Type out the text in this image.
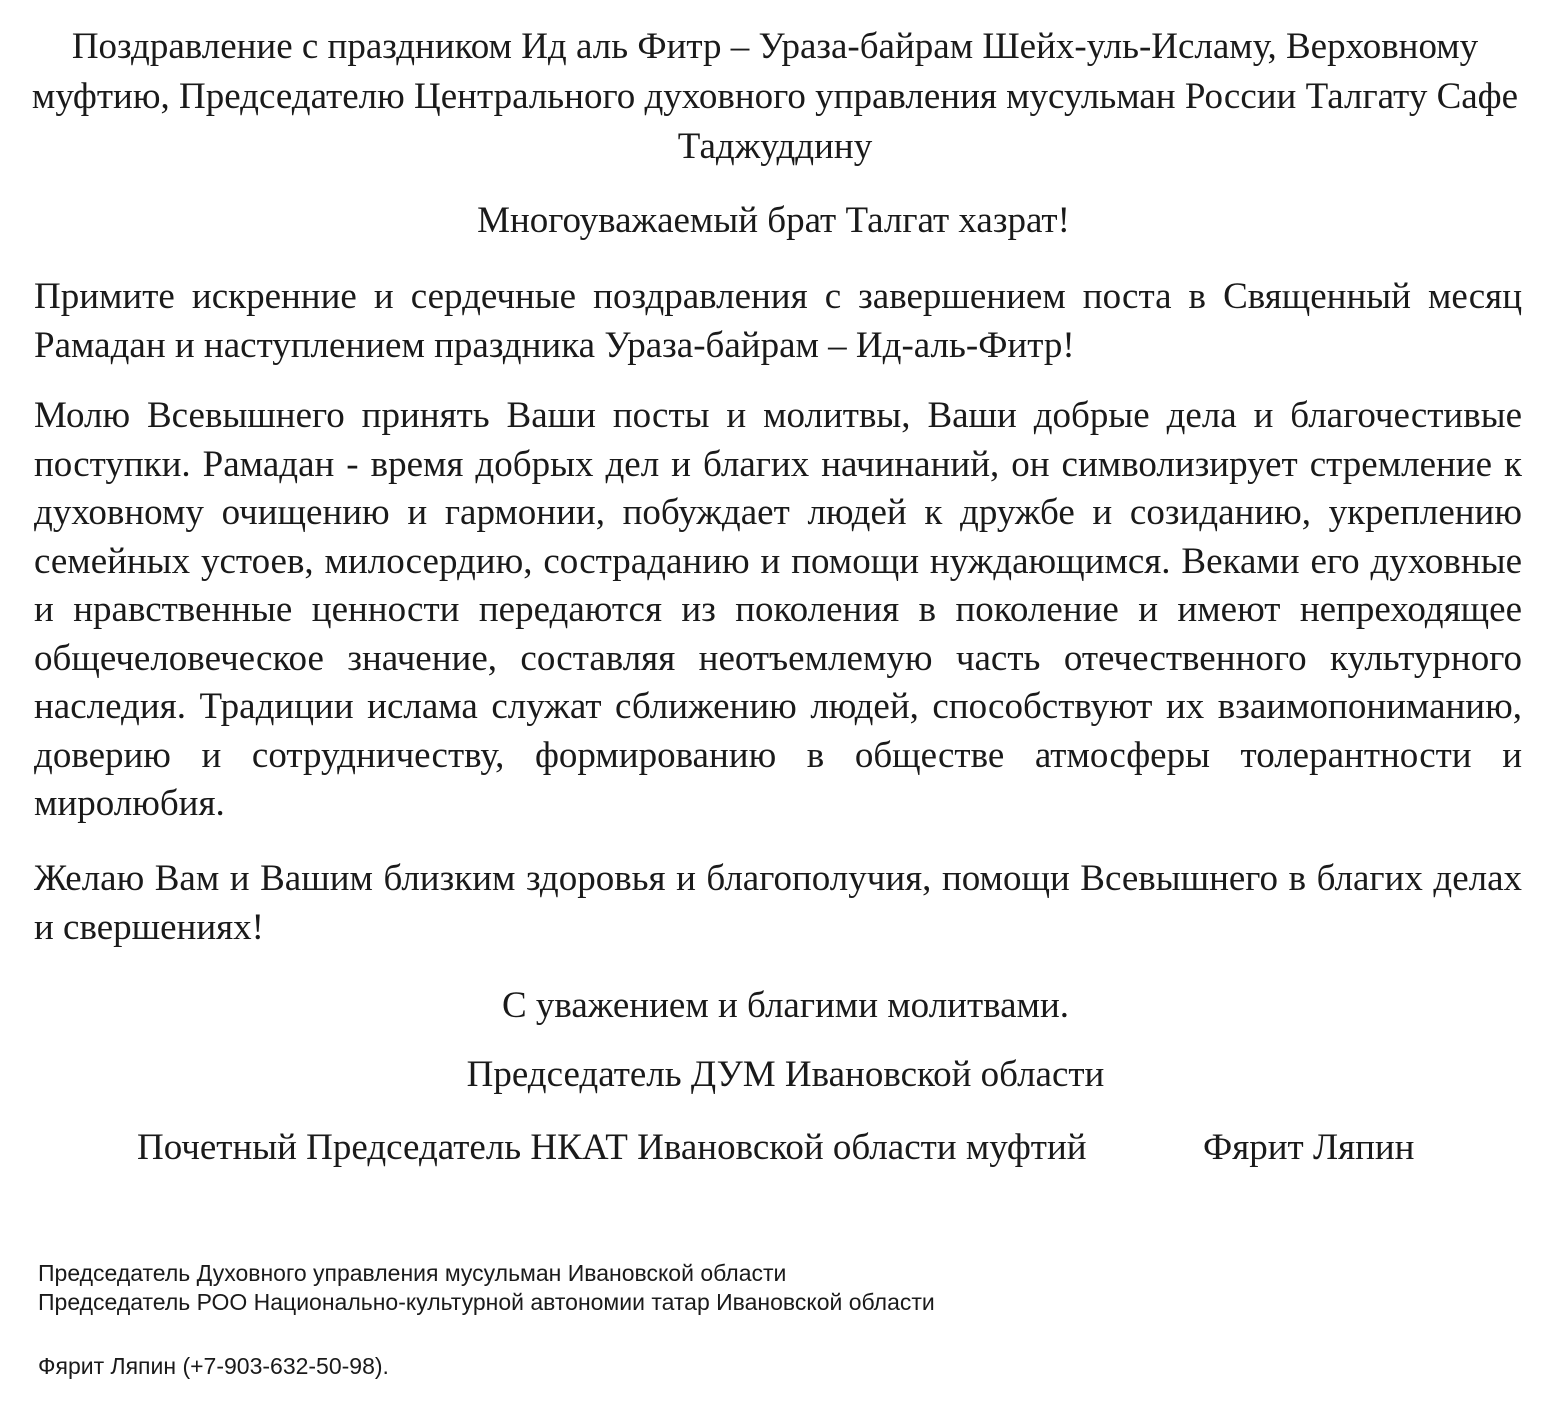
Поздравление с праздником Ид аль Фитр – Ураза-байрам Шейх-уль-Исламу, Верховному муфтию, Председателю Центрального духовного управления мусульман России Талгату Сафе Таджуддину
Многоуважаемый брат Талгат хазрат!

Примите искренние и сердечные поздравления с завершением поста в Священный месяц Рамадан и наступлением праздника Ураза-байрам – Ид-аль-Фитр!

Молю Всевышнего принять Ваши посты и молитвы, Ваши добрые дела и благочестивые поступки. Рамадан - время добрых дел и благих начинаний, он символизирует стремление к духовному очищению и гармонии, побуждает людей к дружбе и созиданию, укреплению семейных устоев, милосердию, состраданию и помощи нуждающимся. Веками его духовные и нравственные ценности передаются из поколения в поколение и имеют непреходящее общечеловеческое значение, составляя неотъемлемую часть отечественного культурного наследия. Традиции ислама служат сближению людей, способствуют их взаимопониманию, доверию и сотрудничеству, формированию в обществе атмосферы толерантности и миролюбия.

Желаю Вам и Вашим близким здоровья и благополучия, помощи Всевышнего в благих делах и свершениях!

С уважением и благими молитвами.
Председатель ДУМ Ивановской области
Почетный Председатель НКАТ Ивановской области муфтий	Фярит Ляпин
Председатель Духовного управления мусульман Ивановской области
Председатель РОО Национально-культурной автономии татар Ивановской области
Фярит Ляпин (+7-903-632-50-98).
